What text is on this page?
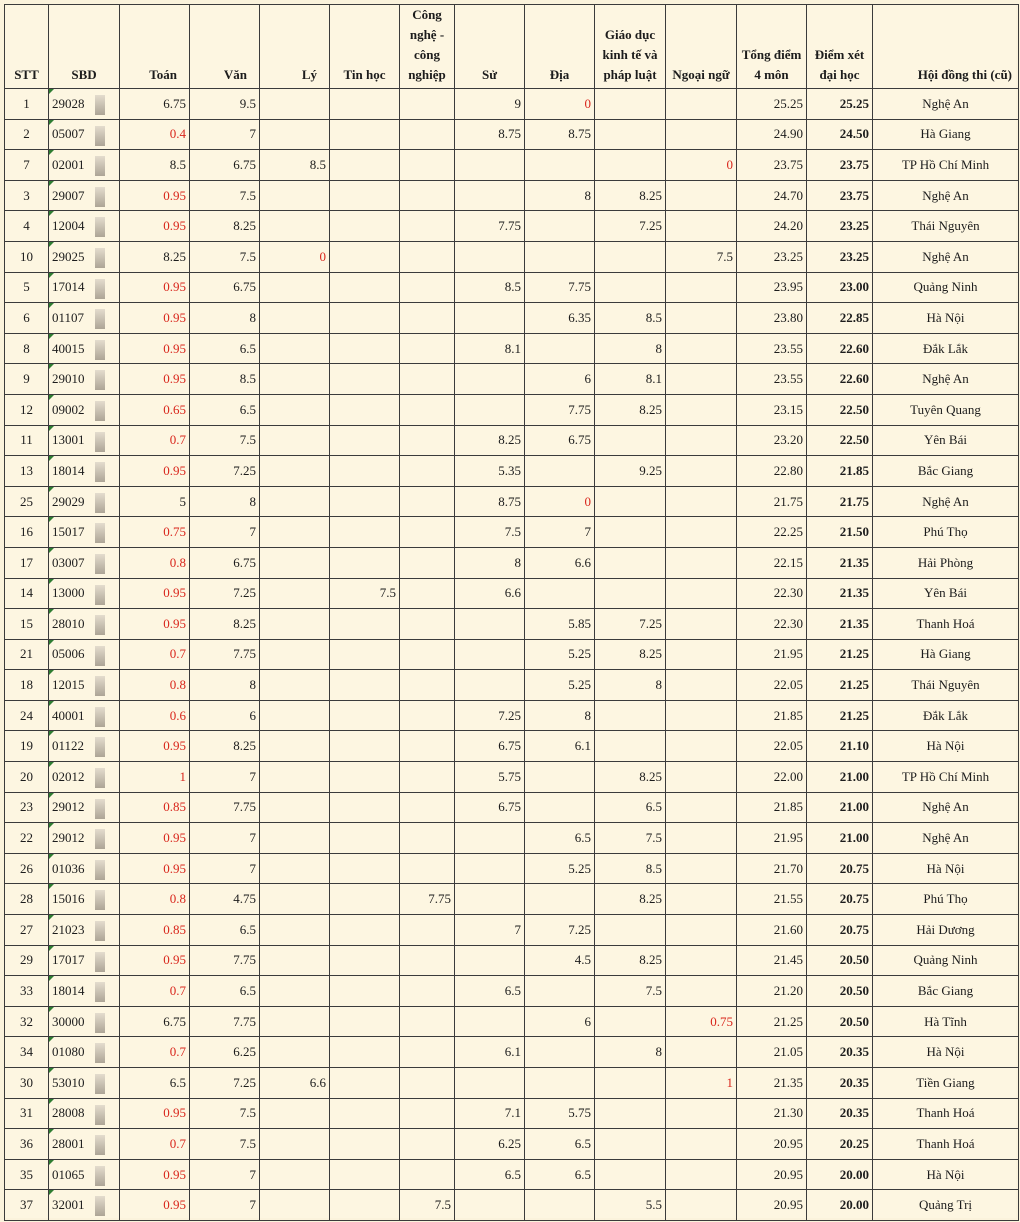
STT	SBD	Toán	Văn	Lý	Tin học	Công nghệ - công nghiệp	Sử	Địa	Giáo dục kinh tế và pháp luật	Ngoại ngữ	Tổng điểm 4 môn	Điểm xét đại học	Hội đồng thi (cũ)
1	29028	6.75	9.5				9	0			25.25	25.25	Nghệ An
2	05007	0.4	7				8.75	8.75			24.90	24.50	Hà Giang
7	02001	8.5	6.75	8.5						0	23.75	23.75	TP Hồ Chí Minh
3	29007	0.95	7.5					8	8.25		24.70	23.75	Nghệ An
4	12004	0.95	8.25				7.75		7.25		24.20	23.25	Thái Nguyên
10	29025	8.25	7.5	0						7.5	23.25	23.25	Nghệ An
5	17014	0.95	6.75				8.5	7.75			23.95	23.00	Quảng Ninh
6	01107	0.95	8					6.35	8.5		23.80	22.85	Hà Nội
8	40015	0.95	6.5				8.1		8		23.55	22.60	Đắk Lắk
9	29010	0.95	8.5					6	8.1		23.55	22.60	Nghệ An
12	09002	0.65	6.5					7.75	8.25		23.15	22.50	Tuyên Quang
11	13001	0.7	7.5				8.25	6.75			23.20	22.50	Yên Bái
13	18014	0.95	7.25				5.35		9.25		22.80	21.85	Bắc Giang
25	29029	5	8				8.75	0			21.75	21.75	Nghệ An
16	15017	0.75	7				7.5	7			22.25	21.50	Phú Thọ
17	03007	0.8	6.75				8	6.6			22.15	21.35	Hải Phòng
14	13000	0.95	7.25		7.5		6.6				22.30	21.35	Yên Bái
15	28010	0.95	8.25					5.85	7.25		22.30	21.35	Thanh Hoá
21	05006	0.7	7.75					5.25	8.25		21.95	21.25	Hà Giang
18	12015	0.8	8					5.25	8		22.05	21.25	Thái Nguyên
24	40001	0.6	6				7.25	8			21.85	21.25	Đắk Lắk
19	01122	0.95	8.25				6.75	6.1			22.05	21.10	Hà Nội
20	02012	1	7				5.75		8.25		22.00	21.00	TP Hồ Chí Minh
23	29012	0.85	7.75				6.75		6.5		21.85	21.00	Nghệ An
22	29012	0.95	7					6.5	7.5		21.95	21.00	Nghệ An
26	01036	0.95	7					5.25	8.5		21.70	20.75	Hà Nội
28	15016	0.8	4.75			7.75			8.25		21.55	20.75	Phú Thọ
27	21023	0.85	6.5				7	7.25			21.60	20.75	Hải Dương
29	17017	0.95	7.75					4.5	8.25		21.45	20.50	Quảng Ninh
33	18014	0.7	6.5				6.5		7.5		21.20	20.50	Bắc Giang
32	30000	6.75	7.75					6		0.75	21.25	20.50	Hà Tĩnh
34	01080	0.7	6.25				6.1		8		21.05	20.35	Hà Nội
30	53010	6.5	7.25	6.6						1	21.35	20.35	Tiền Giang
31	28008	0.95	7.5				7.1	5.75			21.30	20.35	Thanh Hoá
36	28001	0.7	7.5				6.25	6.5			20.95	20.25	Thanh Hoá
35	01065	0.95	7				6.5	6.5			20.95	20.00	Hà Nội
37	32001	0.95	7			7.5			5.5		20.95	20.00	Quảng Trị
